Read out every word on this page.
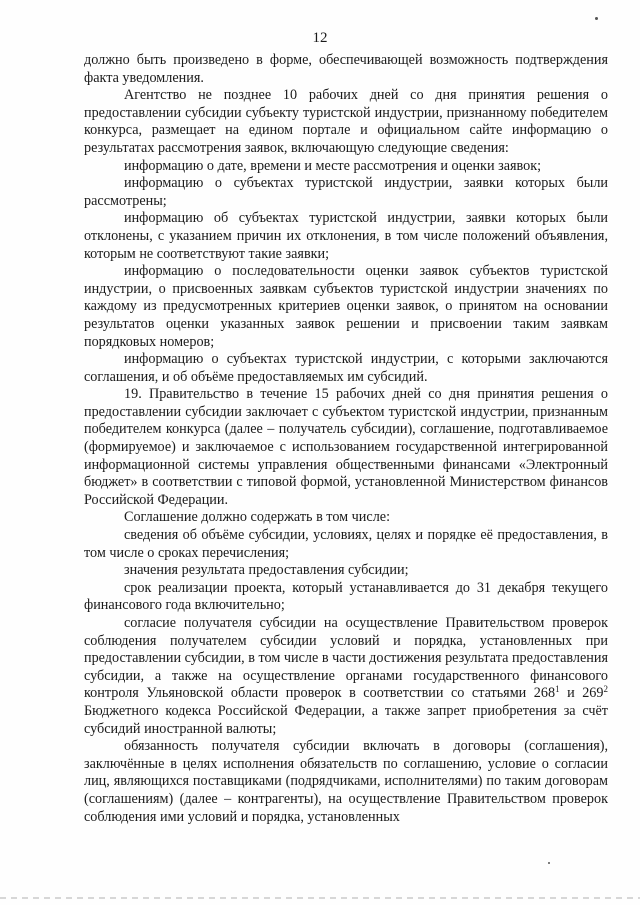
12

должно быть произведено в форме, обеспечивающей возможность подтверждения факта уведомления.

Агентство не позднее 10 рабочих дней со дня принятия решения о предоставлении субсидии субъекту туристской индустрии, признанному победителем конкурса, размещает на едином портале и официальном сайте информацию о результатах рассмотрения заявок, включающую следующие сведения:

информацию о дате, времени и месте рассмотрения и оценки заявок;

информацию о субъектах туристской индустрии, заявки которых были рассмотрены;

информацию об субъектах туристской индустрии, заявки которых были отклонены, с указанием причин их отклонения, в том числе положений объявления, которым не соответствуют такие заявки;

информацию о последовательности оценки заявок субъектов туристской индустрии, о присвоенных заявкам субъектов туристской индустрии значениях по каждому из предусмотренных критериев оценки заявок, о принятом на основании результатов оценки указанных заявок решении и присвоении таким заявкам порядковых номеров;

информацию о субъектах туристской индустрии, с которыми заключаются соглашения, и об объёме предоставляемых им субсидий.

19. Правительство в течение 15 рабочих дней со дня принятия решения о предоставлении субсидии заключает с субъектом туристской индустрии, признанным победителем конкурса (далее – получатель субсидии), соглашение, подготавливаемое (формируемое) и заключаемое с использованием государственной интегрированной информационной системы управления общественными финансами «Электронный бюджет» в соответствии с типовой формой, установленной Министерством финансов Российской Федерации.

Соглашение должно содержать в том числе:

сведения об объёме субсидии, условиях, целях и порядке её предоставления, в том числе о сроках перечисления;

значения результата предоставления субсидии;

срок реализации проекта, который устанавливается до 31 декабря текущего финансового года включительно;

согласие получателя субсидии на осуществление Правительством проверок соблюдения получателем субсидии условий и порядка, установленных при предоставлении субсидии, в том числе в части достижения результата предоставления субсидии, а также на осуществление органами государственного финансового контроля Ульяновской области проверок в соответствии со статьями $268^1$ и $269^2$ Бюджетного кодекса Российской Федерации, а также запрет приобретения за счёт субсидий иностранной валюты;

обязанность получателя субсидии включать в договоры (соглашения), заключённые в целях исполнения обязательств по соглашению, условие о согласии лиц, являющихся поставщиками (подрядчиками, исполнителями) по таким договорам (соглашениям) (далее – контрагенты), на осуществление Правительством проверок соблюдения ими условий и порядка, установленных
